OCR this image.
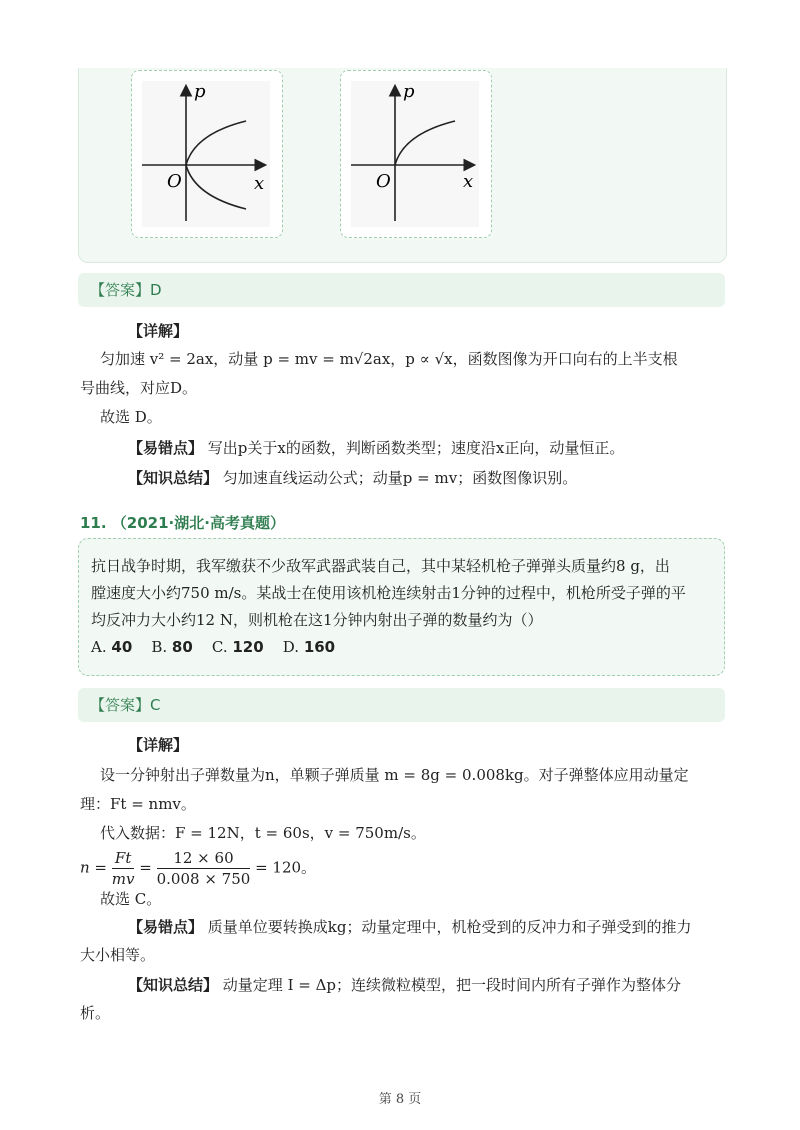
p
x
O
p
x
O
【答案】D
【详解】
匀加速 v² = 2ax，动量 p = mv = m√2ax，p ∝ √x，函数图像为开口向右的上半支根
号曲线，对应D。
故选 D。
【易错点】 写出p关于x的函数，判断函数类型；速度沿x正向，动量恒正。
【知识总结】 匀加速直线运动公式；动量p = mv；函数图像识别。
11. （2021·湖北·高考真题）
抗日战争时期，我军缴获不少敌军武器武装自己，其中某轻机枪子弹弹头质量约8 g，出
膛速度大小约750 m/s。某战士在使用该机枪连续射击1分钟的过程中，机枪所受子弹的平
均反冲力大小约12 N，则机枪在这1分钟内射出子弹的数量约为（）
A. 40 B. 80 C. 120 D. 160
【答案】C
【详解】
设一分钟射出子弹数量为n，单颗子弹质量 m = 8g = 0.008kg。对子弹整体应用动量定
理：Ft = nmv。
代入数据：F = 12N，t = 60s，v = 750m/s。
$n = \frac{Ft}{mv} = \frac{12 \times 60}{0.008 \times 750} = 120$。
故选 C。
【易错点】 质量单位要转换成kg；动量定理中，机枪受到的反冲力和子弹受到的推力
大小相等。
【知识总结】 动量定理 I = Δp；连续微粒模型，把一段时间内所有子弹作为整体分
析。
第 8 页
